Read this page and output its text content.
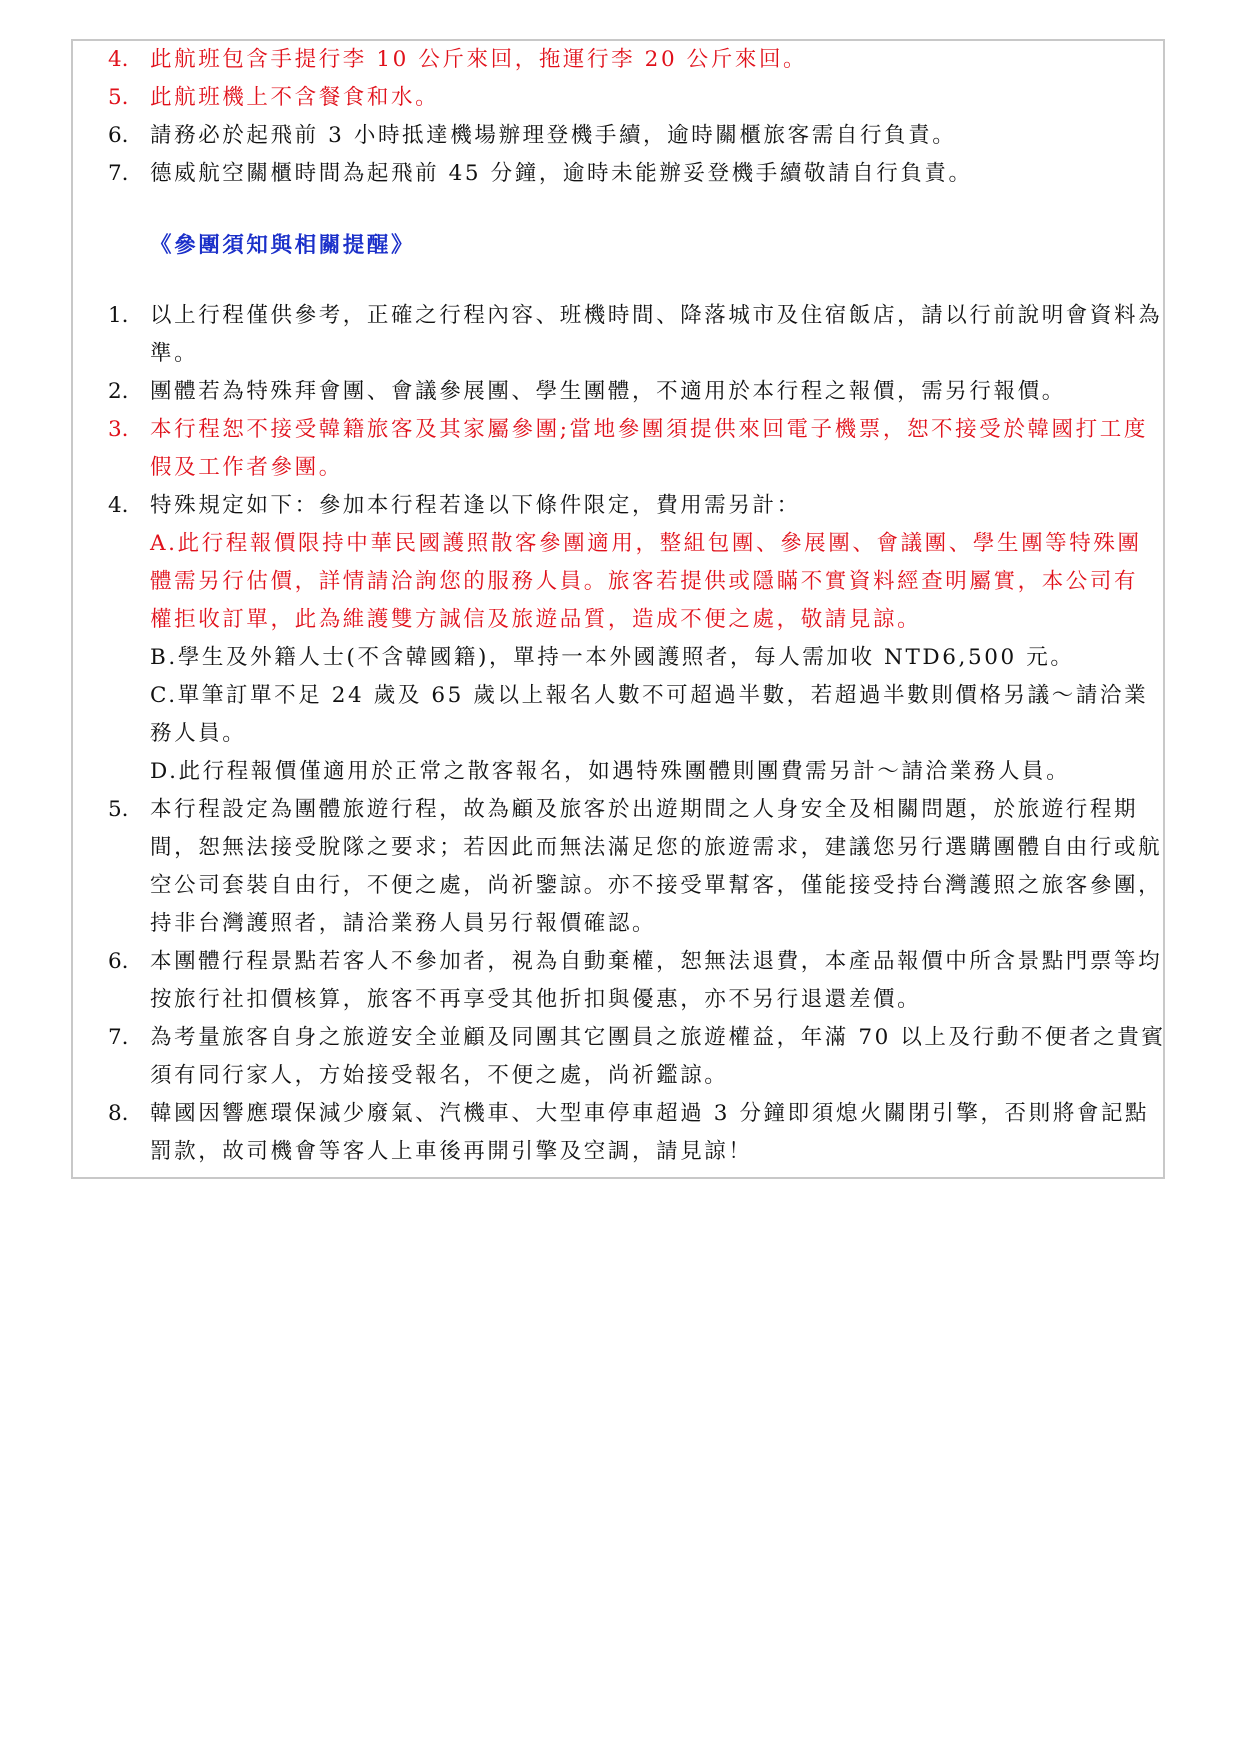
4. 此航班包含手提行李 10 公斤來回，拖運行李 20 公斤來回。
5. 此航班機上不含餐食和水。
6. 請務必於起飛前 3 小時抵達機場辦理登機手續，逾時關櫃旅客需自行負責。
7. 德威航空關櫃時間為起飛前 45 分鐘，逾時未能辦妥登機手續敬請自行負責。
《參團須知與相關提醒》
1. 以上行程僅供參考，正確之行程內容、班機時間、降落城市及住宿飯店，請以行前說明會資料為準。
2. 團體若為特殊拜會團、會議參展團、學生團體，不適用於本行程之報價，需另行報價。
3. 本行程恕不接受韓籍旅客及其家屬參團;當地參團須提供來回電子機票，恕不接受於韓國打工度假及工作者參團。
4. 特殊規定如下：參加本行程若逢以下條件限定，費用需另計：
A.此行程報價限持中華民國護照散客參團適用，整組包團、參展團、會議團、學生團等特殊團體需另行估價，詳情請洽詢您的服務人員。旅客若提供或隱瞞不實資料經查明屬實，本公司有權拒收訂單，此為維護雙方誠信及旅遊品質，造成不便之處，敬請見諒。
B.學生及外籍人士(不含韓國籍)，單持一本外國護照者，每人需加收 NTD6,500 元。
C.單筆訂單不足 24 歲及 65 歲以上報名人數不可超過半數，若超過半數則價格另議～請洽業務人員。
D.此行程報價僅適用於正常之散客報名，如遇特殊團體則團費需另計～請洽業務人員。
5. 本行程設定為團體旅遊行程，故為顧及旅客於出遊期間之人身安全及相關問題，於旅遊行程期間，恕無法接受脫隊之要求；若因此而無法滿足您的旅遊需求，建議您另行選購團體自由行或航空公司套裝自由行，不便之處，尚祈鑒諒。亦不接受單幫客，僅能接受持台灣護照之旅客參團，持非台灣護照者，請洽業務人員另行報價確認。
6. 本團體行程景點若客人不參加者，視為自動棄權，恕無法退費，本產品報價中所含景點門票等均按旅行社扣價核算，旅客不再享受其他折扣與優惠，亦不另行退還差價。
7. 為考量旅客自身之旅遊安全並顧及同團其它團員之旅遊權益，年滿 70 以上及行動不便者之貴賓須有同行家人，方始接受報名，不便之處，尚祈鑑諒。
8. 韓國因響應環保減少廢氣、汽機車、大型車停車超過 3 分鐘即須熄火關閉引擎，否則將會記點罰款，故司機會等客人上車後再開引擎及空調，請見諒！
